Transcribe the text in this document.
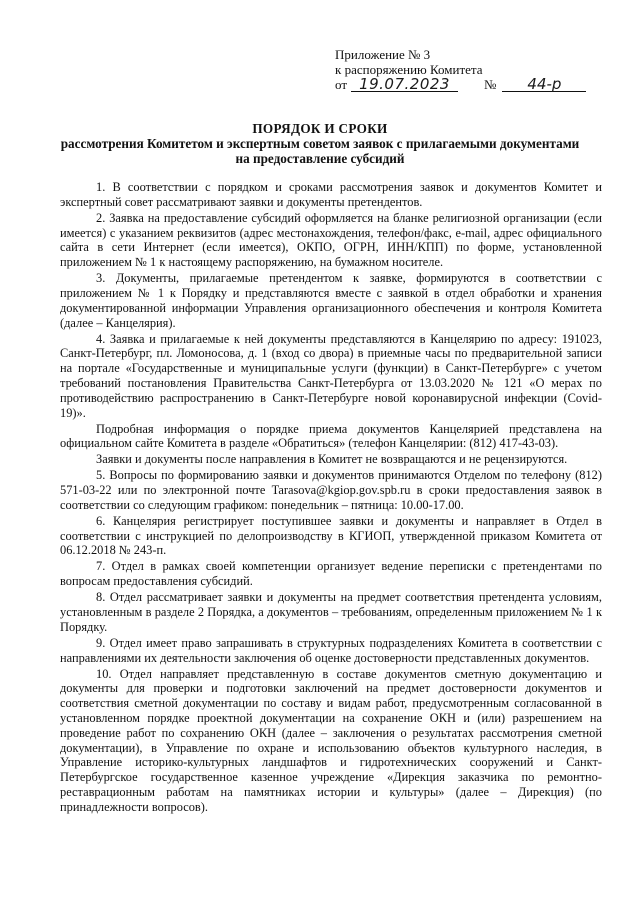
Приложение № 3
к распоряжению Комитета
от 19.07.2023	№	44-р
ПОРЯДОК И СРОКИ
рассмотрения Комитетом и экспертным советом заявок с прилагаемыми документами
на предоставление субсидий

1. В соответствии с порядком и сроками рассмотрения заявок и документов Комитет и экспертный совет рассматривают заявки и документы претендентов.

2. Заявка на предоставление субсидий оформляется на бланке религиозной организации (если имеется) с указанием реквизитов (адрес местонахождения, телефон/факс, e-mail, адрес официального сайта в сети Интернет (если имеется), ОКПО, ОГРН, ИНН/КПП) по форме, установленной приложением № 1 к настоящему распоряжению, на бумажном носителе.

3. Документы, прилагаемые претендентом к заявке, формируются в соответствии с приложением № 1 к Порядку и представляются вместе с заявкой в отдел обработки и хранения документированной информации Управления организационного обеспечения и контроля Комитета (далее – Канцелярия).

4. Заявка и прилагаемые к ней документы представляются в Канцелярию по адресу: 191023, Санкт-Петербург, пл. Ломоносова, д. 1 (вход со двора) в приемные часы по предварительной записи на портале «Государственные и муниципальные услуги (функции) в Санкт-Петербурге» с учетом требований постановления Правительства Санкт-Петербурга от 13.03.2020 № 121 «О мерах по противодействию распространению в Санкт-Петербурге новой коронавирусной инфекции (Covid-19)».

Подробная информация о порядке приема документов Канцелярией представлена на официальном сайте Комитета в разделе «Обратиться» (телефон Канцелярии: (812) 417-43-03).

Заявки и документы после направления в Комитет не возвращаются и не рецензируются.

5. Вопросы по формированию заявки и документов принимаются Отделом по телефону (812) 571-03-22 или по электронной почте Tarasova@kgiop.gov.spb.ru в сроки предоставления заявок в соответствии со следующим графиком: понедельник – пятница: 10.00-17.00.

6. Канцелярия регистрирует поступившее заявки и документы и направляет в Отдел в соответствии с инструкцией по делопроизводству в КГИОП, утвержденной приказом Комитета от 06.12.2018 № 243-п.

7. Отдел в рамках своей компетенции организует ведение переписки с претендентами по вопросам предоставления субсидий.

8. Отдел рассматривает заявки и документы на предмет соответствия претендента условиям, установленным в разделе 2 Порядка, а документов – требованиям, определенным приложением № 1 к Порядку.

9. Отдел имеет право запрашивать в структурных подразделениях Комитета в соответствии с направлениями их деятельности заключения об оценке достоверности представленных документов.

10. Отдел направляет представленную в составе документов сметную документацию и документы для проверки и подготовки заключений на предмет достоверности документов и соответствия сметной документации по составу и видам работ, предусмотренным согласованной в установленном порядке проектной документации на сохранение ОКН и (или) разрешением на проведение работ по сохранению ОКН (далее – заключения о результатах рассмотрения сметной документации), в Управление по охране и использованию объектов культурного наследия, в Управление историко-культурных ландшафтов и гидротехнических сооружений и Санкт-Петербургское государственное казенное учреждение «Дирекция заказчика по ремонтно-реставрационным работам на памятниках истории и культуры» (далее – Дирекция) (по принадлежности вопросов).
